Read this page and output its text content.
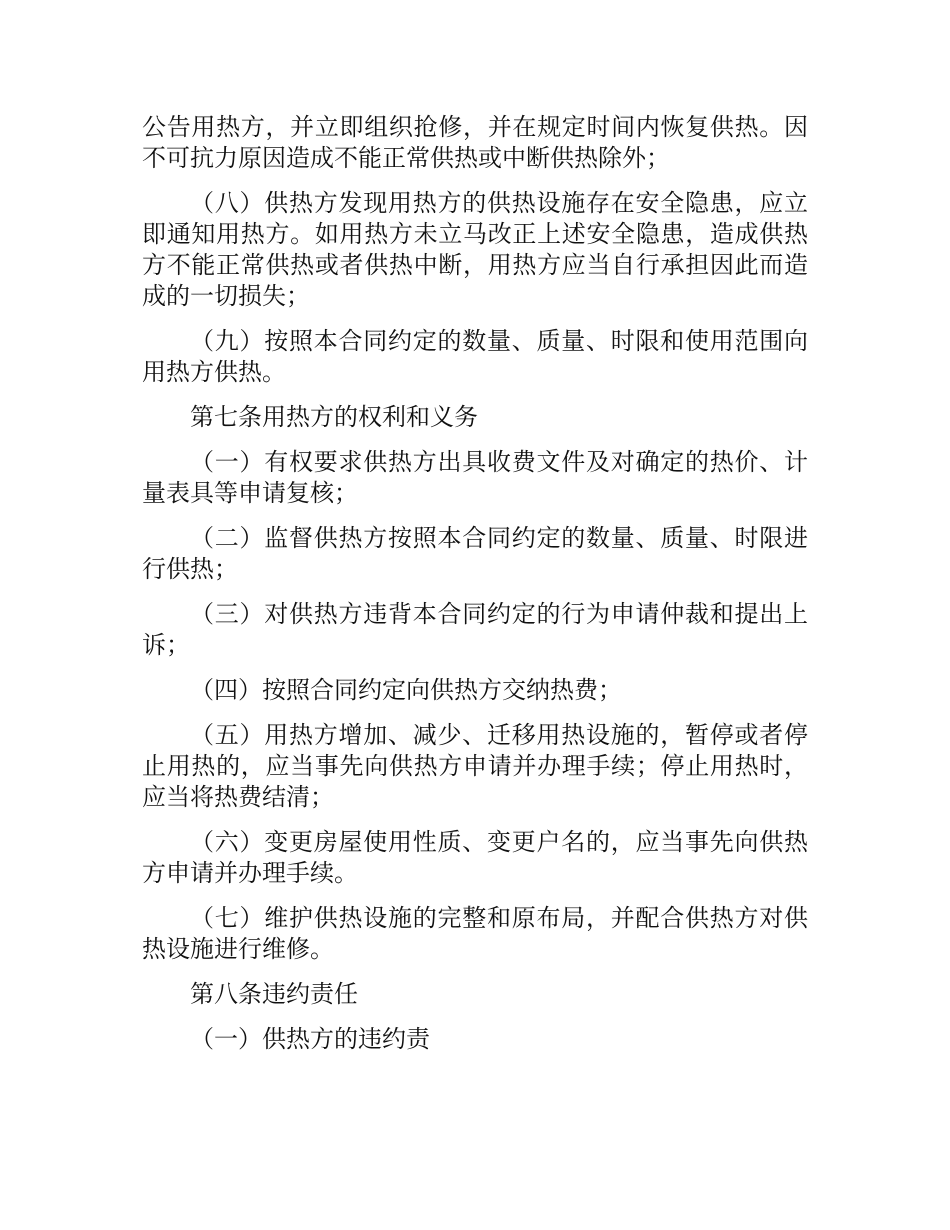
公告用热方，并立即组织抢修，并在规定时间内恢复供热。因不可抗力原因造成不能正常供热或中断供热除外；

（八）供热方发现用热方的供热设施存在安全隐患，应立即通知用热方。如用热方未立马改正上述安全隐患，造成供热方不能正常供热或者供热中断，用热方应当自行承担因此而造成的一切损失；

（九）按照本合同约定的数量、质量、时限和使用范围向用热方供热。

第七条用热方的权利和义务

（一）有权要求供热方出具收费文件及对确定的热价、计量表具等申请复核；

（二）监督供热方按照本合同约定的数量、质量、时限进行供热；

（三）对供热方违背本合同约定的行为申请仲裁和提出上诉；

（四）按照合同约定向供热方交纳热费；

（五）用热方增加、减少、迁移用热设施的，暂停或者停止用热的，应当事先向供热方申请并办理手续；停止用热时，应当将热费结清；

（六）变更房屋使用性质、变更户名的，应当事先向供热方申请并办理手续。

（七）维护供热设施的完整和原布局，并配合供热方对供热设施进行维修。

第八条违约责任

（一）供热方的违约责
